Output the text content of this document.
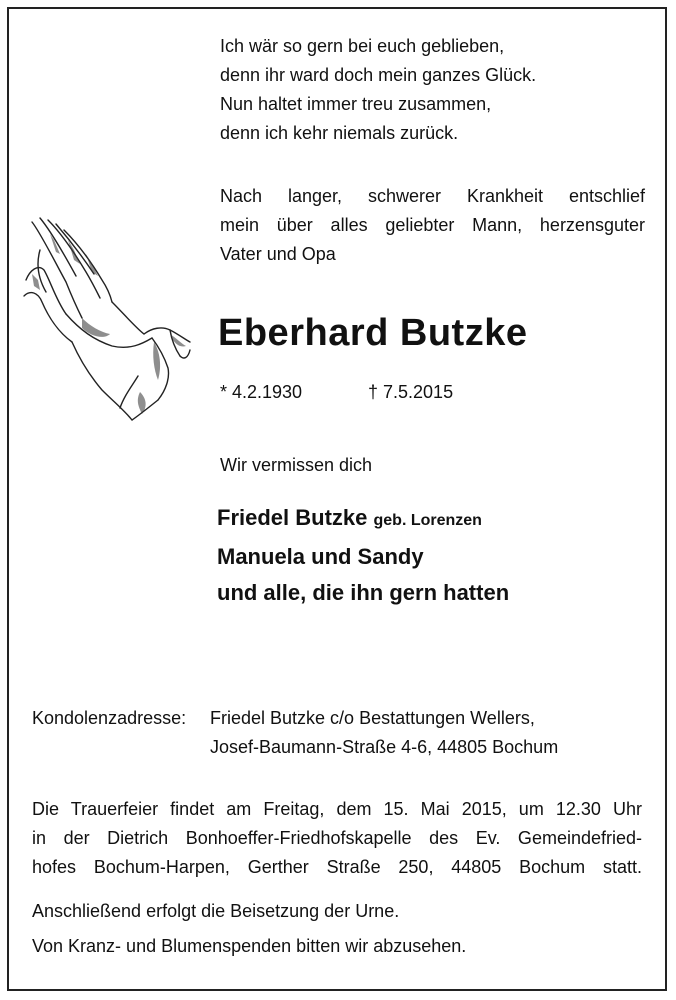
Ich wär so gern bei euch geblieben,
denn ihr ward doch mein ganzes Glück.
Nun haltet immer treu zusammen,
denn ich kehr niemals zurück.
Nach langer, schwerer Krankheit entschlief
mein über alles geliebter Mann, herzensguter
Vater und Opa
Eberhard Butzke
* 4.2.1930	† 7.5.2015
Wir vermissen dich
Friedel Butzke geb. Lorenzen
Manuela und Sandy
und alle, die ihn gern hatten
Kondolenzadresse: Friedel Butzke c/o Bestattungen Wellers,
Josef-Baumann-Straße 4-6, 44805 Bochum
Die Trauerfeier findet am Freitag, dem 15. Mai 2015, um 12.30 Uhr
in der Dietrich Bonhoeffer-Friedhofskapelle des Ev. Gemeindefried-
hofes Bochum-Harpen, Gerther Straße 250, 44805 Bochum statt.
Anschließend erfolgt die Beisetzung der Urne.
Von Kranz- und Blumenspenden bitten wir abzusehen.
